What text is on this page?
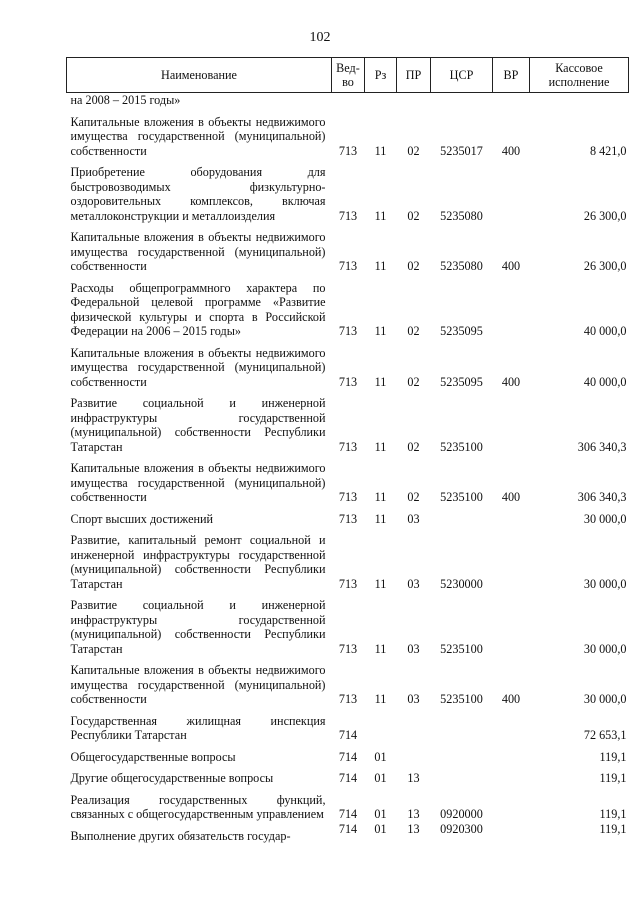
102
Наименование	Вед-во	Рз	ПР	ЦСР	ВР	Кассовое исполнение
на 2008 – 2015 годы»						
Капитальные вложения в объекты недвижимого имущества государственной (муниципальной) собственности	713	11	02	5235017	400	8 421,0
Приобретение оборудования для быстровозводимых физкультурно-оздоровительных комплексов, включая металлоконструкции и металлоизделия	713	11	02	5235080		26 300,0
Капитальные вложения в объекты недвижимого имущества государственной (муниципальной) собственности	713	11	02	5235080	400	26 300,0
Расходы общепрограммного характера по Федеральной целевой программе «Развитие физической культуры и спорта в Российской Федерации на 2006 – 2015 годы»	713	11	02	5235095		40 000,0
Капитальные вложения в объекты недвижимого имущества государственной (муниципальной) собственности	713	11	02	5235095	400	40 000,0
Развитие социальной и инженерной инфраструктуры государственной (муниципальной) собственности Республики Татарстан	713	11	02	5235100		306 340,3
Капитальные вложения в объекты недвижимого имущества государственной (муниципальной) собственности	713	11	02	5235100	400	306 340,3
Спорт высших достижений	713	11	03			30 000,0
Развитие, капитальный ремонт социальной и инженерной инфраструктуры государственной (муниципальной) собственности Республики Татарстан	713	11	03	5230000		30 000,0
Развитие социальной и инженерной инфраструктуры государственной (муниципальной) собственности Республики Татарстан	713	11	03	5235100		30 000,0
Капитальные вложения в объекты недвижимого имущества государственной (муниципальной) собственности	713	11	03	5235100	400	30 000,0
Государственная жилищная инспекция Республики Татарстан	714					72 653,1
Общегосударственные вопросы	714	01				119,1
Другие общегосударственные вопросы	714	01	13			119,1
Реализация государственных функций, связанных с общегосударственным управлением	714	01	13	0920000		119,1
Выполнение других обязательств государ-	714	01	13	0920300		119,1
